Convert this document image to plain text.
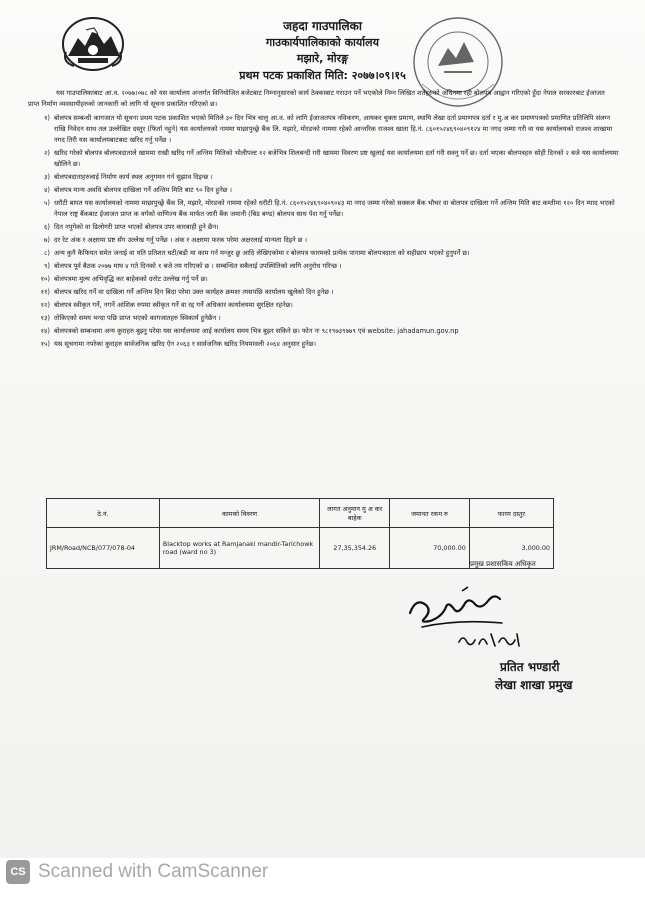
जहदा गाउपालिका
गाउकार्यपालिकाको कार्यालय
मझारे, मोरङ्ग
प्रथम पटक प्रकाशित मिति: २०७७।०९।१५
यस गाउपालिकाबाट आ.व. २०७७।०७८ को यस कार्यालय अन्तर्गत विनियोजित बजेटबाट निम्नानुसारको कार्य ठेक्काबाट गराउन पर्ने भएकोले निम्न लिखित शर्तहरुको अधिनमा रही बोलपत्र आह्वान गरिएको हुँदा नेपाल सरकारबाट ईजाजत प्राप्त निर्माण व्यवसायीहरुको जानकारी को लागि यो सूचना प्रकाशित गरिएको छ।
१) बोलपत्र सम्बन्धी कागजात यो सूचना प्रथम पटक प्रकाशित भएको मितिले ३० दिन भित्र चालु आ.व. को लागि ईजाजतपत्र नविकरण, आयकर चुक्ता प्रमाण, स्थायि लेखा दर्ता प्रमाणपत्र दर्ता र मु.अ कर प्रमाणपत्रको प्रमाणित प्रतिलिपि संलग्न राखि निवेदन साथ तल उल्लेखित दस्तुर (फिर्ता नहुने) यस कार्यालयको नाममा माछापुच्छ्रे बैंक लि. मझारे, मोरङको नाममा रहेको आन्तरिक राजश्व खाता हि.नं. ८६०१५२४६९०४०९१२४ मा नगद जम्मा गरी वा यस कार्यालयको राजश्व शाखामा नगद तिरी यस कार्यालयबाटबाट खरिद गर्नु पर्नेछ ।
२) खरिद गरेको बोलपत्र बोलपत्रदाताले खाममा राखी खरिद गर्ने अन्तिम मितिको भोलीपल्ट १२ बजेभित्र शिलबन्दी गरी खाममा विवरण प्रष्ट खुलाई यस कार्यालयमा दर्ता गरी सक्नु पर्ने छ। दर्ता भएका बोलपत्रहरु सोही दिनको २ बजे यस कार्यालयमा खोलिने छ।
३) बोलपत्रदाताहरुलाई निर्माण कार्य स्थल अनुगमन गर्न सुझाव दिइन्छ ।
४) बोलपत्र मान्य अवधि बोलपत्र दाखिला गर्ने अन्तिम मिति बाट ९० दिन हुनेछ ।
५) धरौटी बापत यस कार्यालयको नाममा माछापुच्छ्रे बैंक लि, मझारे, मोरङको नाममा रहेको धरौटी हि.नं. ८६०१५२४६९०४०९०४३ मा नगद जम्मा गरेको सक्कल बैंक भौचर वा बोलपत्र दाखिला गर्ने अन्तिम मिति बाट कम्तीमा १२० दिन म्याद भएको नेपाल राष्ट्र बैंकबाट ईजाजत प्राप्त क वर्गको वाणिज्य बैंक मार्फत जारी बैंक जमानी (बिड बण्ड) बोलपत्र साथ पेश गर्नु पर्नेछ।
६) दित नपुगेको वा ढिलोगरी प्राप्त भएको बोलपत्र उपर कारबाही हुने छैन।
७) दर रेट अंक र अक्षरमा प्रष्ट सँग उल्लेख गर्नु पर्नेछ । अंक र अक्षरमा फरक परेमा अक्षरलाई मान्यता दिइने छ ।
८) अन्य कुनै कैफियत समेत जनाई वा यति प्रतिशत घटी/बढी मा काम गर्न मन्जुर छु आदि लेखिएकोमा र बोलपत्र फारमको प्रत्येक पानामा बोलपत्रदाता को सहीछाप भएको हुनुपर्ने छ।
९) बोलपत्र पूर्व बैठक २०७७ माघ ४ गते दिनको १ बजे तय गरिएको छ । सम्बन्धित सबैलाई उपस्थितिको लागि अनुरोध गरिन्छ ।
१०) बोलपत्रमा मुल्य अभिवृद्धि कर बाहेकको दररेट उल्लेख गर्नु पर्ने छ।
११) बोलपत्र खरिद गर्ने वा दाखिला गर्ने अन्तिम दिन बिदा परेमा उक्त कार्यहरु क्रमशः त्यसपछि कार्यालय खुलेको दिन हुनेछ ।
१२) बोलपत्र स्वीकृत गर्ने, नगर्ने आंशिक रुपमा स्वीकृत गर्ने वा रद्द गर्ने अधिकार कार्यालयमा सुरक्षित रहनेछ।
१३) तोकिएको समय भन्दा पछि प्राप्त भएको कागजातहरु स्विकार्य हुनेछैन ।
१४) बोलपत्रको सम्बन्धमा अन्य कुराहरु बुझ्नु परेमा यस कार्यालयमा आई कार्यालय समय भित्र बुझ्न सकिने छ। फोन नः ९८१९७३९७७९ एवं website: jahadamun.gov.np
१५) यस सूचनामा नपरेका कुराहरु सार्वजनिक खरिद ऐन २०६३ र सार्वजनिक खरिद नियमावली २०६४ अनुसार हुनेछ।
ठे.नं.	कामको विवरण	लागत अनुमान मु अ कर बाहेक	जमानत रकम रु	फारम दस्तुर
JRM/Road/NCB/077/078-04	Blacktop works at Ramjanaki mandir-Tarichowk road (ward no 3)	27,35,354.26	70,000.00	3,000.00
प्रमुख प्रशासकिय अधिकृत
प्रतित भण्डारी
लेखा शाखा प्रमुख
CS Scanned with CamScanner
